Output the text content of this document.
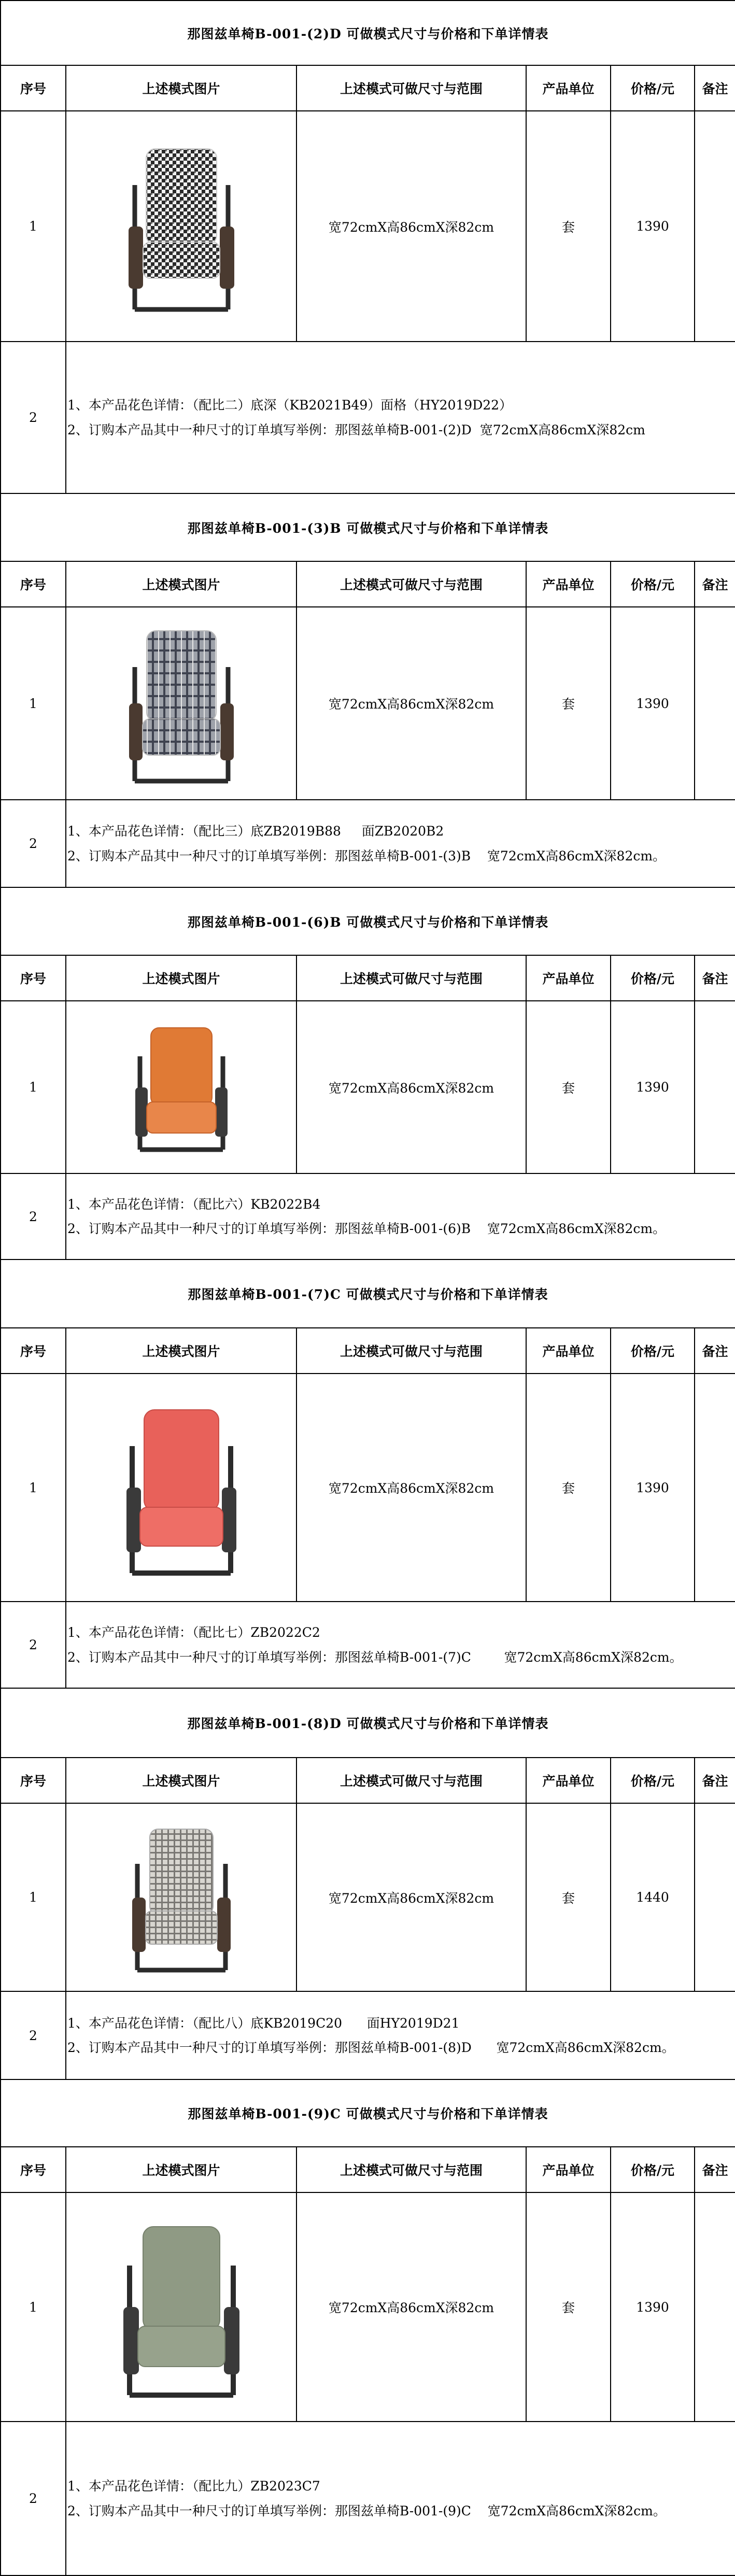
那图兹单椅B-001-(2)D 可做模式尺寸与价格和下单详情表					
序号	上述模式图片	上述模式可做尺寸与范围	产品单位	价格/元	备注
1		宽72cmX高86cmX深82cm	套	1390	
2	1、本产品花色详情：（配比二）底深（KB2021B49）面格（HY2019D22）
2、订购本产品其中一种尺寸的订单填写举例：那图兹单椅B-001-(2)D  宽72cmX高86cmX深82cm				
那图兹单椅B-001-(3)B 可做模式尺寸与价格和下单详情表					
序号	上述模式图片	上述模式可做尺寸与范围	产品单位	价格/元	备注
1		宽72cmX高86cmX深82cm	套	1390	
2	1、本产品花色详情：（配比三）底ZB2019B88     面ZB2020B2
2、订购本产品其中一种尺寸的订单填写举例：那图兹单椅B-001-(3)B    宽72cmX高86cmX深82cm。				
那图兹单椅B-001-(6)B 可做模式尺寸与价格和下单详情表					
序号	上述模式图片	上述模式可做尺寸与范围	产品单位	价格/元	备注
1		宽72cmX高86cmX深82cm	套	1390	
2	1、本产品花色详情：（配比六）KB2022B4
2、订购本产品其中一种尺寸的订单填写举例：那图兹单椅B-001-(6)B    宽72cmX高86cmX深82cm。				
那图兹单椅B-001-(7)C 可做模式尺寸与价格和下单详情表					
序号	上述模式图片	上述模式可做尺寸与范围	产品单位	价格/元	备注
1		宽72cmX高86cmX深82cm	套	1390	
2	1、本产品花色详情：（配比七）ZB2022C2
2、订购本产品其中一种尺寸的订单填写举例：那图兹单椅B-001-(7)C        宽72cmX高86cmX深82cm。				
那图兹单椅B-001-(8)D 可做模式尺寸与价格和下单详情表					
序号	上述模式图片	上述模式可做尺寸与范围	产品单位	价格/元	备注
1		宽72cmX高86cmX深82cm	套	1440	
2	1、本产品花色详情：（配比八）底KB2019C20      面HY2019D21
2、订购本产品其中一种尺寸的订单填写举例：那图兹单椅B-001-(8)D      宽72cmX高86cmX深82cm。				
那图兹单椅B-001-(9)C 可做模式尺寸与价格和下单详情表					
序号	上述模式图片	上述模式可做尺寸与范围	产品单位	价格/元	备注
1		宽72cmX高86cmX深82cm	套	1390	
2	1、本产品花色详情：（配比九）ZB2023C7
2、订购本产品其中一种尺寸的订单填写举例：那图兹单椅B-001-(9)C    宽72cmX高86cmX深82cm。				
